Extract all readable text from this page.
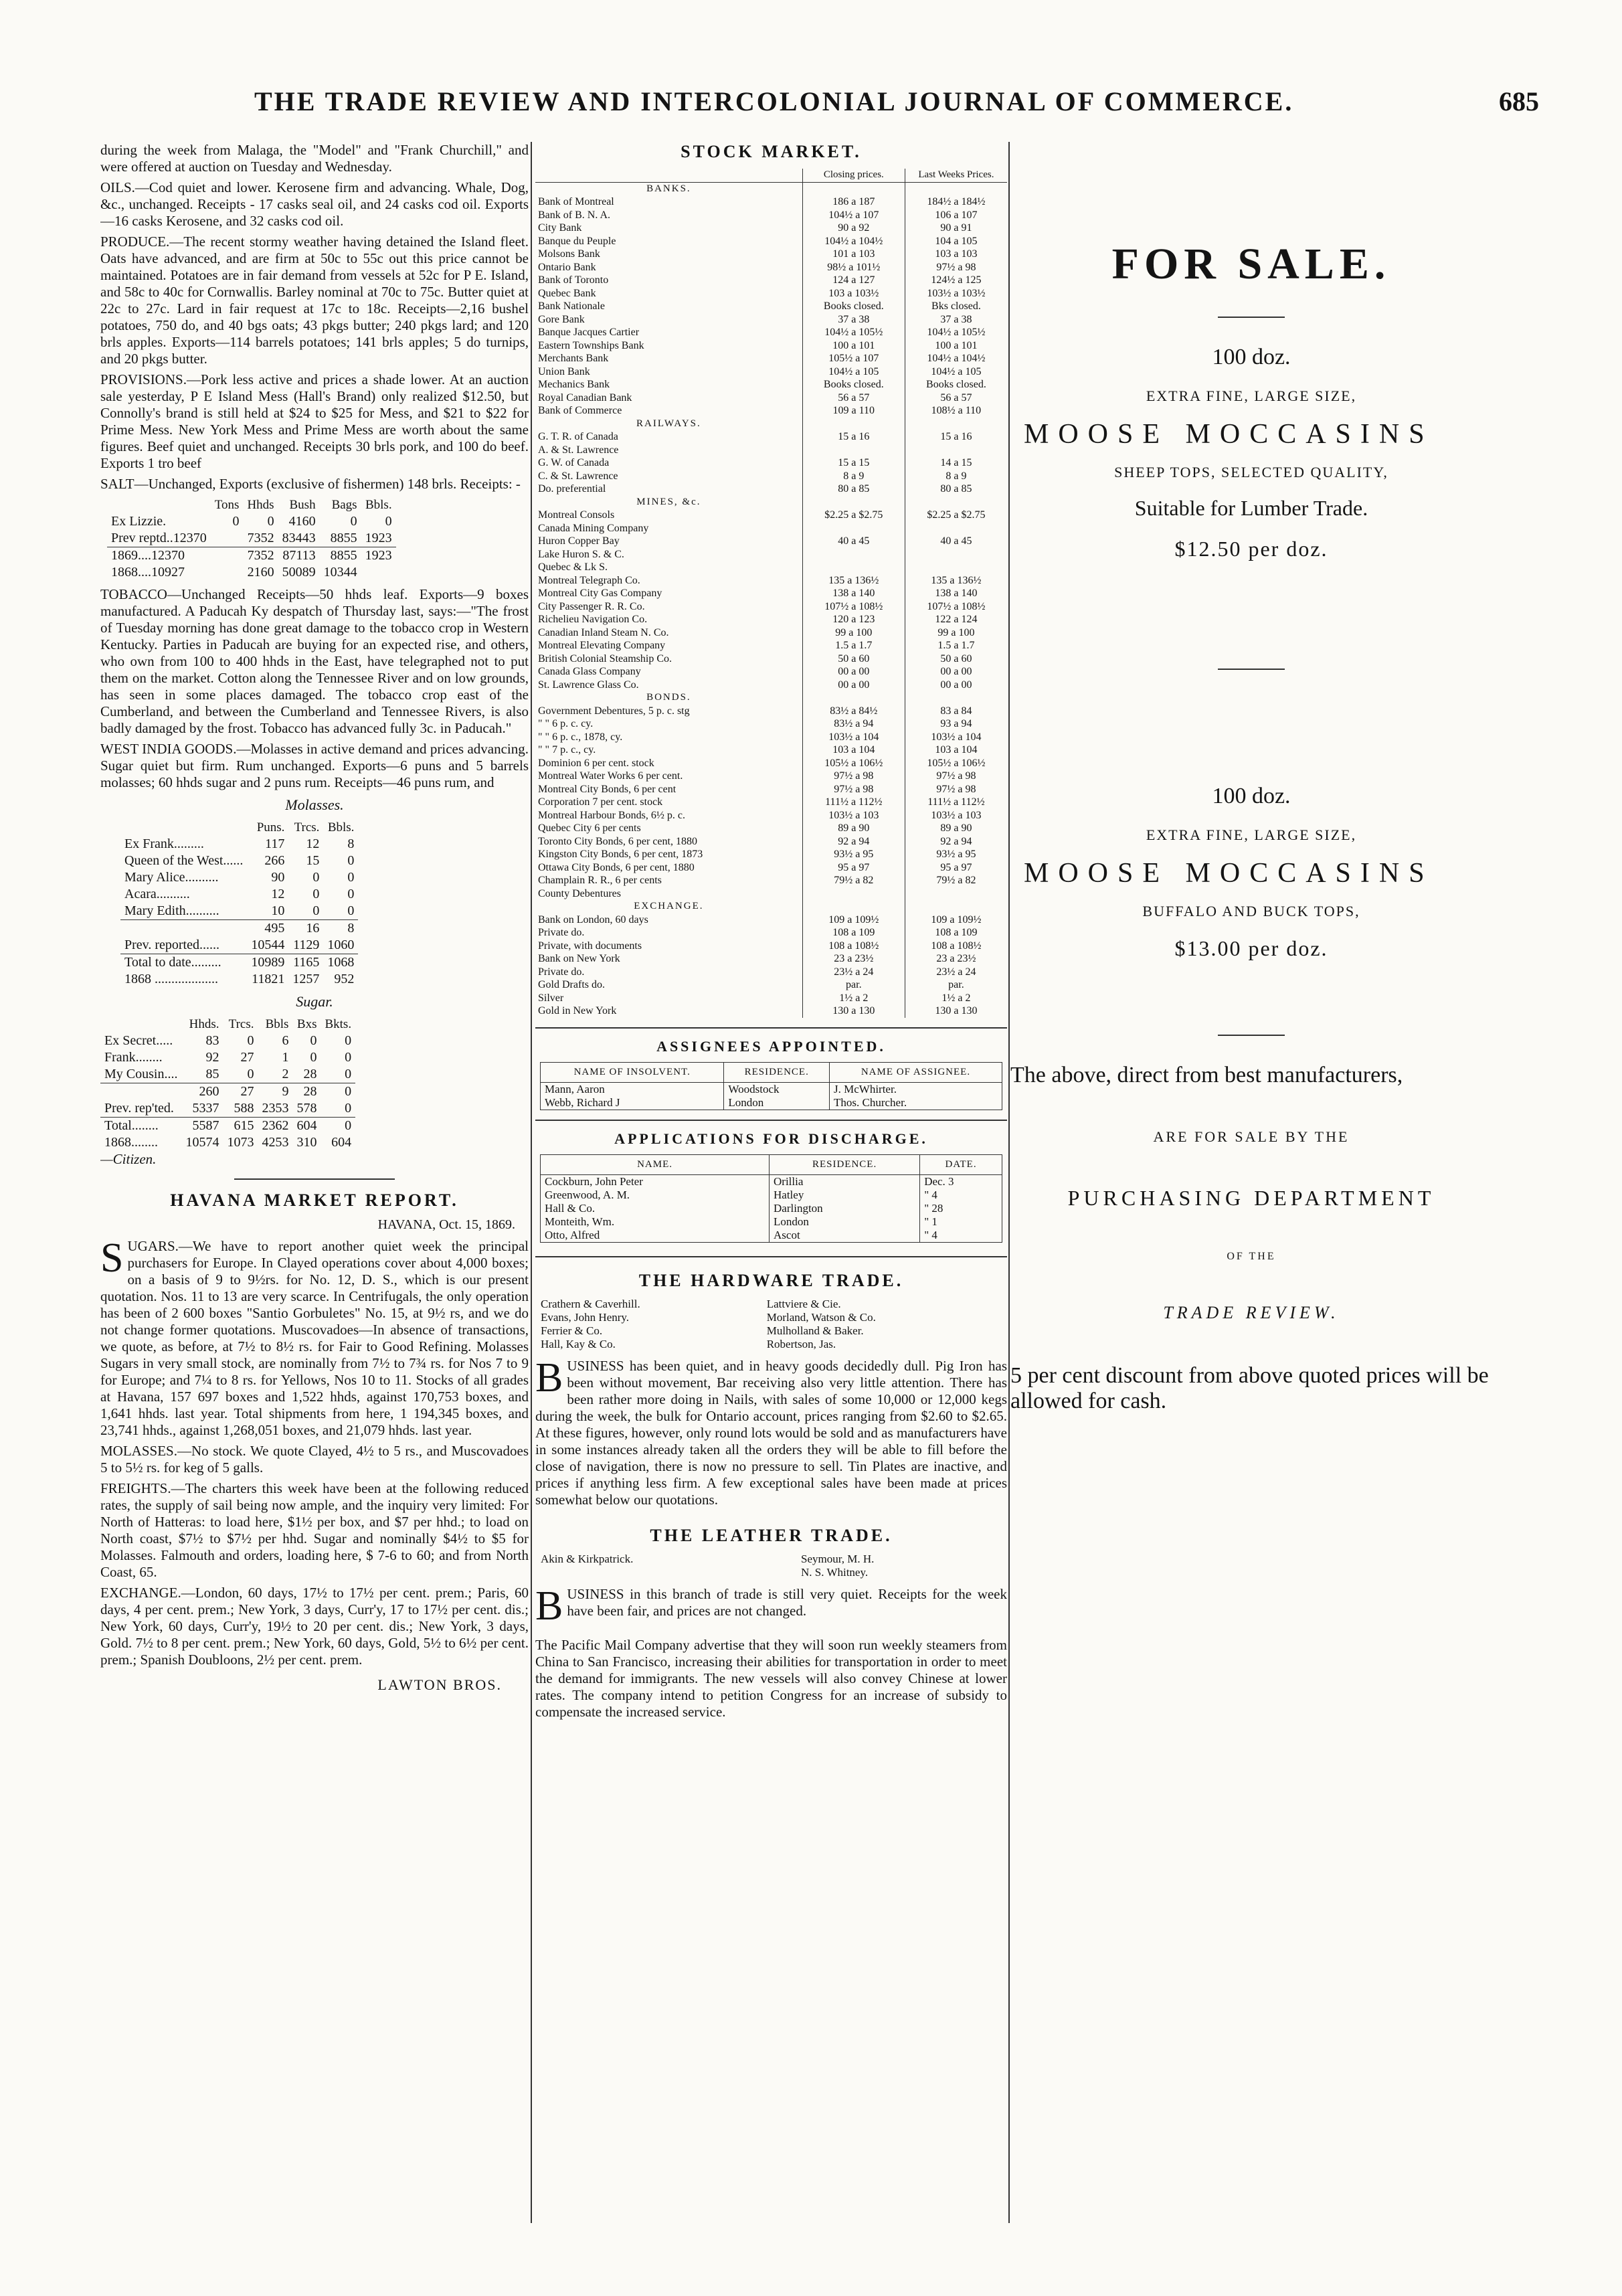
THE TRADE REVIEW AND INTERCOLONIAL JOURNAL OF COMMERCE.	685

during the week from Malaga, the "Model" and "Frank Churchill," and were offered at auction on Tuesday and Wednesday.

OILS.—Cod quiet and lower. Kerosene firm and advancing. Whale, Dog, &c., unchanged. Receipts - 17 casks seal oil, and 24 casks cod oil. Exports—16 casks Kerosene, and 32 casks cod oil.

PRODUCE.—The recent stormy weather having detained the Island fleet. Oats have advanced, and are firm at 50c to 55c out this price cannot be maintained. Potatoes are in fair demand from vessels at 52c for P E. Island, and 58c to 40c for Cornwallis. Barley nominal at 70c to 75c. Butter quiet at 22c to 27c. Lard in fair request at 17c to 18c. Receipts—2,16 bushel potatoes, 750 do, and 40 bgs oats; 43 pkgs butter; 240 pkgs lard; and 120 brls apples. Exports—114 barrels potatoes; 141 brls apples; 5 do turnips, and 20 pkgs butter.

PROVISIONS.—Pork less active and prices a shade lower. At an auction sale yesterday, P E Island Mess (Hall's Brand) only realized $12.50, but Connolly's brand is still held at $24 to $25 for Mess, and $21 to $22 for Prime Mess. New York Mess and Prime Mess are worth about the same figures. Beef quiet and unchanged. Receipts 30 brls pork, and 100 do beef. Exports 1 tro beef

SALT—Unchanged, Exports (exclusive of fishermen) 148 brls. Receipts: -

	Tons	Hhds	Bush	Bags	Bbls.
Ex Lizzie.	0	0	4160	0	0
Prev reptd..12370		7352	83443	8855	1923
1869....12370		7352	87113	8855	1923
1868....10927		2160	50089	10344	

TOBACCO—Unchanged Receipts—50 hhds leaf. Exports—9 boxes manufactured. A Paducah Ky despatch of Thursday last, says:—"The frost of Tuesday morning has done great damage to the tobacco crop in Western Kentucky. Parties in Paducah are buying for an expected rise, and others, who own from 100 to 400 hhds in the East, have telegraphed not to put them on the market. Cotton along the Tennessee River and on low grounds, has seen in some places damaged. The tobacco crop east of the Cumberland, and between the Cumberland and Tennessee Rivers, is also badly damaged by the frost. Tobacco has advanced fully 3c. in Paducah."

WEST INDIA GOODS.—Molasses in active demand and prices advancing. Sugar quiet but firm. Rum unchanged. Exports—6 puns and 5 barrels molasses; 60 hhds sugar and 2 puns rum. Receipts—46 puns rum, and

Molasses.
	Puns.	Trcs.	Bbls.
Ex Frank.........	117	12	8
Queen of the West......	266	15	0
Mary Alice..........	90	0	0
Acara..........	12	0	0
Mary Edith..........	10	0	0
	495	16	8
Prev. reported......	10544	1129	1060
Total to date.........	10989	1165	1068
1868 ...................	11821	1257	952
Sugar.
	Hhds.	Trcs.	Bbls	Bxs	Bkts.
Ex Secret.....	83	0	6	0	0
Frank........	92	27	1	0	0
My Cousin....	85	0	2	28	0
	260	27	9	28	0
Prev. rep'ted.	5337	588	2353	578	0
Total........	5587	615	2362	604	0
1868........	10574	1073	4253	310	604
—Citizen.
HAVANA MARKET REPORT.
HAVANA, Oct. 15, 1869.

SUGARS.—We have to report another quiet week the principal purchasers for Europe. In Clayed operations cover about 4,000 boxes; on a basis of 9 to 9½rs. for No. 12, D. S., which is our present quotation. Nos. 11 to 13 are very scarce. In Centrifugals, the only operation has been of 2 600 boxes "Santio Gorbuletes" No. 15, at 9½ rs, and we do not change former quotations. Muscovadoes—In absence of transactions, we quote, as before, at 7½ to 8½ rs. for Fair to Good Refining. Molasses Sugars in very small stock, are nominally from 7½ to 7¾ rs. for Nos 7 to 9 for Europe; and 7¼ to 8 rs. for Yellows, Nos 10 to 11. Stocks of all grades at Havana, 157 697 boxes and 1,522 hhds, against 170,753 boxes, and 1,641 hhds. last year. Total shipments from here, 1 194,345 boxes, and 23,741 hhds., against 1,268,051 boxes, and 21,079 hhds. last year.

MOLASSES.—No stock. We quote Clayed, 4½ to 5 rs., and Muscovadoes 5 to 5½ rs. for keg of 5 galls.

FREIGHTS.—The charters this week have been at the following reduced rates, the supply of sail being now ample, and the inquiry very limited: For North of Hatteras: to load here, $1½ per box, and $7 per hhd.; to load on North coast, $7½ to $7½ per hhd. Sugar and nominally $4½ to $5 for Molasses. Falmouth and orders, loading here, $ 7-6 to 60; and from North Coast, 65.

EXCHANGE.—London, 60 days, 17½ to 17½ per cent. prem.; Paris, 60 days, 4 per cent. prem.; New York, 3 days, Curr'y, 17 to 17½ per cent. dis.; New York, 60 days, Curr'y, 19½ to 20 per cent. dis.; New York, 3 days, Gold. 7½ to 8 per cent. prem.; New York, 60 days, Gold, 5½ to 6½ per cent. prem.; Spanish Doubloons, 2½ per cent. prem.

LAWTON BROS.
STOCK MARKET.
	Closing prices.	Last Weeks Prices.
BANKS.		
Bank of Montreal	186 a 187	184½ a 184½
Bank of B. N. A.	104½ a 107	106 a 107
City Bank	90 a 92	90 a 91
Banque du Peuple	104½ a 104½	104 a 105
Molsons Bank	101 a 103	103 a 103
Ontario Bank	98½ a 101½	97½ a 98
Bank of Toronto	124 a 127	124½ a 125
Quebec Bank	103 a 103½	103½ a 103½
Bank Nationale	Books closed.	Bks closed.
Gore Bank	37 a 38	37 a 38
Banque Jacques Cartier	104½ a 105½	104½ a 105½
Eastern Townships Bank	100 a 101	100 a 101
Merchants Bank	105½ a 107	104½ a 104½
Union Bank	104½ a 105	104½ a 105
Mechanics Bank	Books closed.	Books closed.
Royal Canadian Bank	56 a 57	56 a 57
Bank of Commerce	109 a 110	108½ a 110
RAILWAYS.		
G. T. R. of Canada	15 a 16	15 a 16
A. & St. Lawrence		
G. W. of Canada	15 a 15	14 a 15
C. & St. Lawrence	8 a 9	8 a 9
Do. preferential	80 a 85	80 a 85
MINES, &c.		
Montreal Consols	$2.25 a $2.75	$2.25 a $2.75
Canada Mining Company		
Huron Copper Bay	40 a 45	40 a 45
Lake Huron S. & C.		
Quebec & Lk S.		
Montreal Telegraph Co.	135 a 136½	135 a 136½
Montreal City Gas Company	138 a 140	138 a 140
City Passenger R. R. Co.	107½ a 108½	107½ a 108½
Richelieu Navigation Co.	120 a 123	122 a 124
Canadian Inland Steam N. Co.	99 a 100	99 a 100
Montreal Elevating Company	1.5 a 1.7	1.5 a 1.7
British Colonial Steamship Co.	50 a 60	50 a 60
Canada Glass Company	00 a 00	00 a 00
St. Lawrence Glass Co.	00 a 00	00 a 00
BONDS.		
Government Debentures, 5 p. c. stg	83½ a 84½	83 a 84
" " 6 p. c. cy.	83½ a 94	93 a 94
" " 6 p. c., 1878, cy.	103½ a 104	103½ a 104
" " 7 p. c., cy.	103 a 104	103 a 104
Dominion 6 per cent. stock	105½ a 106½	105½ a 106½
Montreal Water Works 6 per cent.	97½ a 98	97½ a 98
Montreal City Bonds, 6 per cent	97½ a 98	97½ a 98
Corporation 7 per cent. stock	111½ a 112½	111½ a 112½
Montreal Harbour Bonds, 6½ p. c.	103½ a 103	103½ a 103
Quebec City 6 per cents	89 a 90	89 a 90
Toronto City Bonds, 6 per cent, 1880	92 a 94	92 a 94
Kingston City Bonds, 6 per cent, 1873	93½ a 95	93½ a 95
Ottawa City Bonds, 6 per cent, 1880	95 a 97	95 a 97
Champlain R. R., 6 per cents	79½ a 82	79½ a 82
County Debentures		
EXCHANGE.		
Bank on London, 60 days	109 a 109½	109 a 109½
Private do.	108 a 109	108 a 109
Private, with documents	108 a 108½	108 a 108½
Bank on New York	23 a 23½	23 a 23½
Private do.	23½ a 24	23½ a 24
Gold Drafts do.	par.	par.
Silver	1½ a 2	1½ a 2
Gold in New York	130 a 130	130 a 130
ASSIGNEES APPOINTED.
NAME OF INSOLVENT.	RESIDENCE.	NAME OF ASSIGNEE.
Mann, Aaron	Woodstock	J. McWhirter.
Webb, Richard J	London	Thos. Churcher.
APPLICATIONS FOR DISCHARGE.
NAME.	RESIDENCE.	DATE.
Cockburn, John Peter	Orillia	Dec. 3
Greenwood, A. M.	Hatley	" 4
Hall & Co.	Darlington	" 28
Monteith, Wm.	London	" 1
Otto, Alfred	Ascot	" 4
THE HARDWARE TRADE.
Crathern & Caverhill.	Lattviere & Cie.
Evans, John Henry.	Morland, Watson & Co.
Ferrier & Co.	Mulholland & Baker.
Hall, Kay & Co.	Robertson, Jas.

BUSINESS has been quiet, and in heavy goods decidedly dull. Pig Iron has been without movement, Bar receiving also very little attention. There has been rather more doing in Nails, with sales of some 10,000 or 12,000 kegs during the week, the bulk for Ontario account, prices ranging from $2.60 to $2.65. At these figures, however, only round lots would be sold and as manufacturers have in some instances already taken all the orders they will be able to fill before the close of navigation, there is now no pressure to sell. Tin Plates are inactive, and prices if anything less firm. A few exceptional sales have been made at prices somewhat below our quotations.

THE LEATHER TRADE.
Akin & Kirkpatrick.	Seymour, M. H.
	N. S. Whitney.

BUSINESS in this branch of trade is still very quiet. Receipts for the week have been fair, and prices are not changed.

The Pacific Mail Company advertise that they will soon run weekly steamers from China to San Francisco, increasing their abilities for transportation in order to meet the demand for immigrants. The new vessels will also convey Chinese at lower rates. The company intend to petition Congress for an increase of subsidy to compensate the increased service.

FOR SALE.
100 doz.
EXTRA FINE, LARGE SIZE,
MOOSE MOCCASINS
SHEEP TOPS, SELECTED QUALITY,
Suitable for Lumber Trade.
$12.50 per doz.
100 doz.
EXTRA FINE, LARGE SIZE,
MOOSE MOCCASINS
BUFFALO AND BUCK TOPS,
$13.00 per doz.
The above, direct from best manufacturers,
ARE FOR SALE BY THE
PURCHASING DEPARTMENT
OF THE
TRADE REVIEW.
5 per cent discount from above quoted prices will be allowed for cash.
